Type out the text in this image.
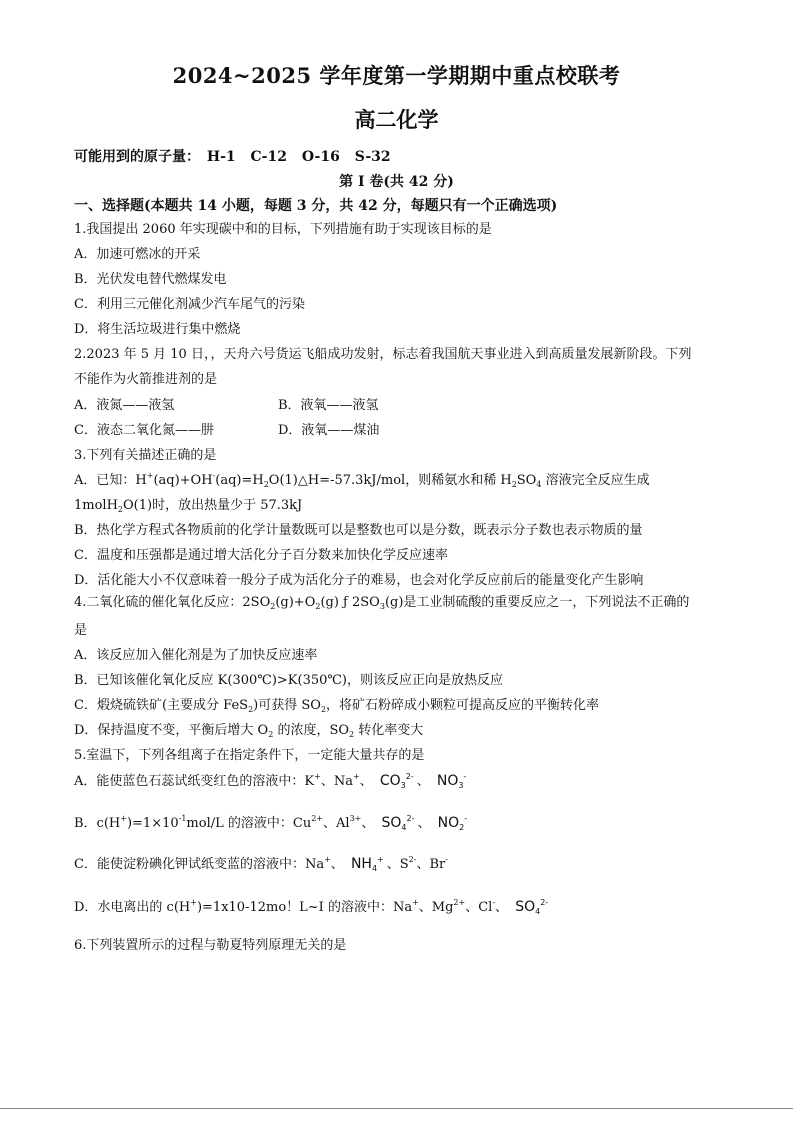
2024~2025 学年度第一学期期中重点校联考
高二化学
可能用到的原子量： H-1 C-12 O-16 S-32
第 I 卷(共 42 分)
一、选择题(本题共 14 小题，每题 3 分，共 42 分，每题只有一个正确选项)
1.我国提出 2060 年实现碳中和的目标，下列措施有助于实现该目标的是
A．加速可燃冰的开采
B．光伏发电替代燃煤发电
C．利用三元催化剂减少汽车尾气的污染
D．将生活垃圾进行集中燃烧
2.2023 年 5 月 10 日，，天舟六号货运飞船成功发射，标志着我国航天事业进入到高质量发展新阶段。下列
不能作为火箭推进剂的是
A．液氮——液氢	B．液氧——液氢
C．液态二氧化氮——肼	D．液氧——煤油
3.下列有关描述正确的是
A．已知：$H^+(aq)+OH^-(aq)=H_2O(1)\triangle H=-57.3kJ$/mol，则稀氨水和稀 $H_2SO_4$ 溶液完全反应生成
1molH$_2$O(1)时，放出热量少于 57.3kJ
B．热化学方程式各物质前的化学计量数既可以是整数也可以是分数，既表示分子数也表示物质的量
C．温度和压强都是通过增大活化分子百分数来加快化学反应速率
D．活化能大小不仅意味着一般分子成为活化分子的难易，也会对化学反应前后的能量变化产生影响
4.二氧化硫的催化氧化反应：$2SO_2(g)+O_2(g)$ ƒ $2SO_3(g)$是工业制硫酸的重要反应之一，下列说法不正确的
是
A．该反应加入催化剂是为了加快反应速率
B．已知该催化氧化反应 K(300℃)>K(350℃)，则该反应正向是放热反应
C．煅烧硫铁矿(主要成分 FeS$_2$)可获得 $SO_2$，将矿石粉碎成小颗粒可提高反应的平衡转化率
D．保持温度不变，平衡后增大 $O_2$ 的浓度，$SO_2$ 转化率变大
5.室温下，下列各组离子在指定条件下，一定能大量共存的是
A．能使蓝色石蕊试纸变红色的溶液中：K+、Na+、 $CO_3^{2-}$ 、 $NO_3^-$
B．$c(H^+)=1\times 10^{-1}mol/L$ 的溶液中：$Cu^{2+}$、$Al^{3+}$、 $SO_4^{2-}$ 、 $NO_2^-$
C．能使淀粉碘化钾试纸变蓝的溶液中：Na+、 $NH_4^+$ 、$S^{2-}$、Br-
D．水电离出的 c(H+)=1x10-12mo！L~I 的溶液中：Na+、$Mg^{2+}$、Cl-、 $SO_4^{2-}$
6.下列装置所示的过程与勒夏特列原理无关的是
